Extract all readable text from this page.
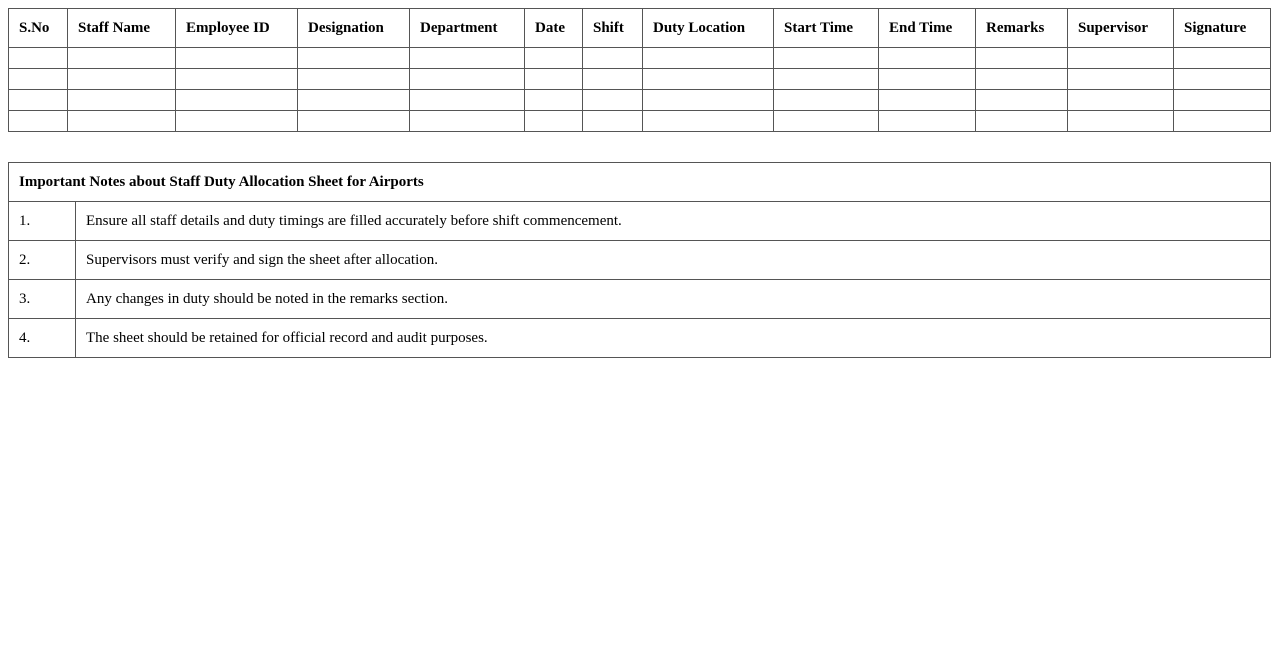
S.No	Staff Name	Employee ID	Designation	Department	Date	Shift	Duty Location	Start Time	End Time	Remarks	Supervisor	Signature

Important Notes about Staff Duty Allocation Sheet for Airports	
1.	Ensure all staff details and duty timings are filled accurately before shift commencement.
2.	Supervisors must verify and sign the sheet after allocation.
3.	Any changes in duty should be noted in the remarks section.
4.	The sheet should be retained for official record and audit purposes.
